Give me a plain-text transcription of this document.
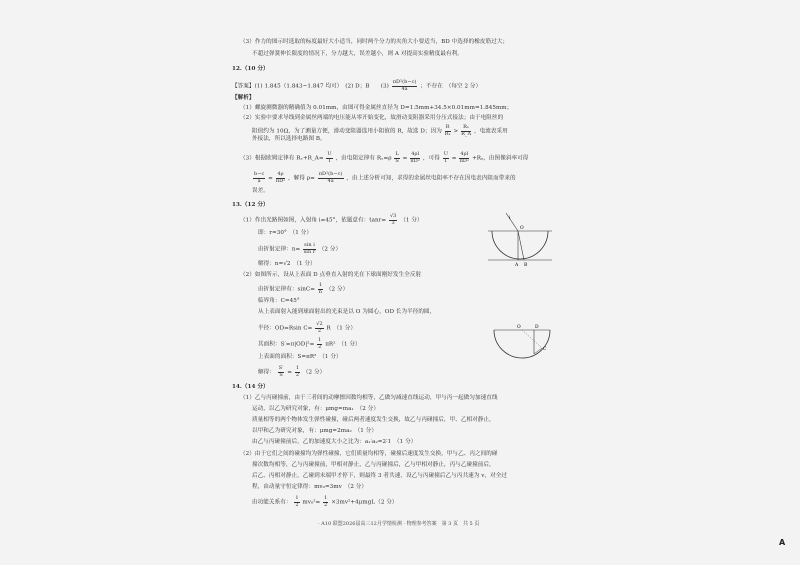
（3）作力的图示时选取的标度最好大小适当，同时两个分力的夹角大小要适当，BD 中选择的橡皮筋过大；
不超过弹簧伸长限度的情况下，分力越大，误差越小，则 A 对提高实验精度最有利。
12.（10 分）
【答案】(1) 1.845（1.843~1.847 均可）　(2) D；B　　$(3) \frac{\text{πD²(b−c)}}{4a}$ ；不存在　（每空 2 分）
【解析】
（1）螺旋测微器的精确值为 0.01mm，由图可得金属丝直径为 D=1.5mm+34.5×0.01mm=1.845mm；
（2）实验中要求导线到金属丝两端的电压能从零开始变化，故滑动变阻器采用分压式接法；由于电阻丝的
阻值约为 10Ω，为了测量方便，滑动变阻器选用小阻值的 R，故选 D；因为 $\frac{R}{\text{Rₓ}} > \frac{\text{Rₓ}}{R\_A}$ ，电流表采用
外接法，所以选择电路图 B。
（3）根据欧姆定律有 Rₓ+R_A= $\frac{U}{I}$ ，由电阻定律有 $R_x=\rho \frac{L}{S} = \frac{4\rho l}{\text{πD²}}$ ，可得 $\frac{U}{I} = \frac{4\rho l}{\text{πD²}} +R_a$，由图像斜率可得
$\frac{b-c}{a} = \frac{4\rho}{\text{πD²}}$ ，解得 $\rho= \frac{\text{πD²(b−c)}}{4a}$ ，由上述分析可知，求得的金属丝电阻率不存在因电表内阻而带来的
误差。
13.（12 分）
（1）作出光路图如图，入射角 i=45°，依题意有：$\tan r= \frac{√3}{3} (1$ 分）
即：r=30°　（1 分）
由折射定律：$n= \frac{\text{sin i}}{\text{sin r}} (2$ 分）
解得：n=√2　（1 分）
（2）如图所示，设从上表面 D 点垂直入射的光在下球面刚好发生全反射
由折射定律有：$\sin C= \frac{1}{n} (2$ 分）
临界角：C=45°
从上表面射入能到球面射出的光束是以 O 为圆心，OD 长为半径的圆，
半径：OD=Rsin $C= \frac{√2}{2}$ R　（1 分）
其面积：$S'=\pi|OD|^2= \frac{1}{2} \pi R^2$　（1 分）
上表面的面积：S=πR²　（1 分）
解得： $\frac{S'}{S} = \frac{1}{2} (2$ 分）
i
O
A B
O	D
C
14.（14 分）
（1）乙与丙碰撞前，由于三者间的动摩擦因数均相等，乙做匀减速直线运动，甲与丙一起做匀加速直线
运动，以乙为研究对象，有：μmg=ma₁　（2 分）
质量相等的两个物体发生弹性碰撞，碰后两者速度发生交换，故乙与丙碰撞后，甲、乙相对静止，
以甲和乙为研究对象，有：μmg=2ma₂　（1 分）
由乙与丙碰撞前后，乙的加速度大小之比为：a₁∶a₂=2∶1　（1 分）
（2）由于它们之间的碰撞均为弹性碰撞，它们质量均相等，碰撞后速度发生交换，甲与乙、丙之间的碰
撞次数均相等，乙与丙碰撞前，甲相对静止，乙与丙碰撞后，乙与甲相对静止，丙与乙碰撞前后，
后乙、丙相对静止，乙碰到末端甲才停下，则最终 3 者共速，设乙与丙碰撞后乙与丙共速为 v，对全过
程，由动量守恒定律得：mv₀=3mv　（2 分）
由功能关系有： $\frac{1}{2} mv_0^2= \frac{1}{2} \times 3mv^2+4\mu mgL(2$ 分）
· A10 联盟2026届高三12月学情检测 · 物理参考答案　第 3 页　共 5 页
A
